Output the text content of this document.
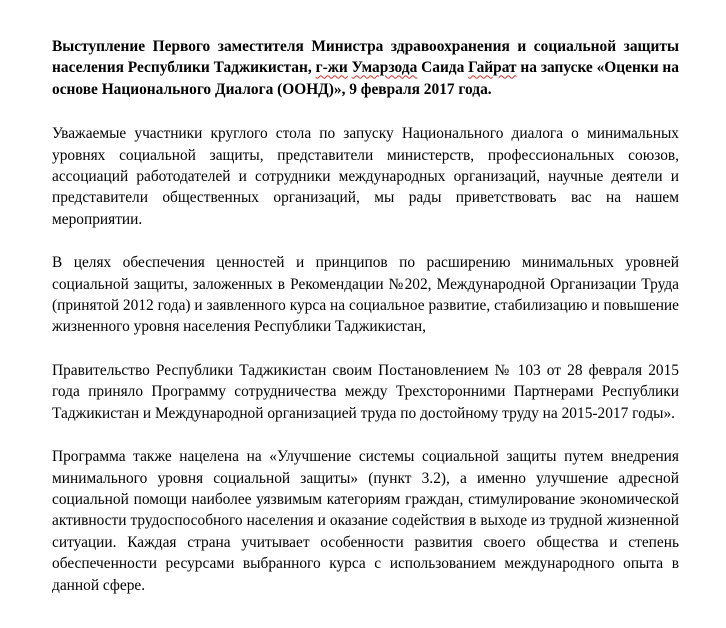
Выступление Первого заместителя Министра здравоохранения и социальной защиты населения Республики Таджикистан, г-жи Умарзода Саида Гайрат на запуске «Оценки на основе Национального Диалога (ООНД)», 9 февраля 2017 года.

Уважаемые участники круглого стола по запуску Национального диалога о минимальных уровнях социальной защиты, представители министерств, профессиональных союзов, ассоциаций работодателей и сотрудники международных организаций, научные деятели и представители общественных организаций, мы рады приветствовать вас на нашем мероприятии.

В целях обеспечения ценностей и принципов по расширению минимальных уровней социальной защиты, заложенных в Рекомендации №202, Международной Организации Труда (принятой 2012 года) и заявленного курса на социальное развитие, стабилизацию и повышение жизненного уровня населения Республики Таджикистан,

Правительство Республики Таджикистан своим Постановлением № 103 от 28 февраля 2015 года приняло Программу сотрудничества между Трехсторонними Партнерами Республики Таджикистан и Международной организацией труда по достойному труду на 2015-2017 годы».

Программа также нацелена на «Улучшение системы социальной защиты путем внедрения минимального уровня социальной защиты» (пункт 3.2), а именно улучшение адресной социальной помощи наиболее уязвимым категориям граждан, стимулирование экономической активности трудоспособного населения и оказание содействия в выходе из трудной жизненной ситуации. Каждая страна учитывает особенности развития своего общества и степень обеспеченности ресурсами выбранного курса с использованием международного опыта в данной сфере.
